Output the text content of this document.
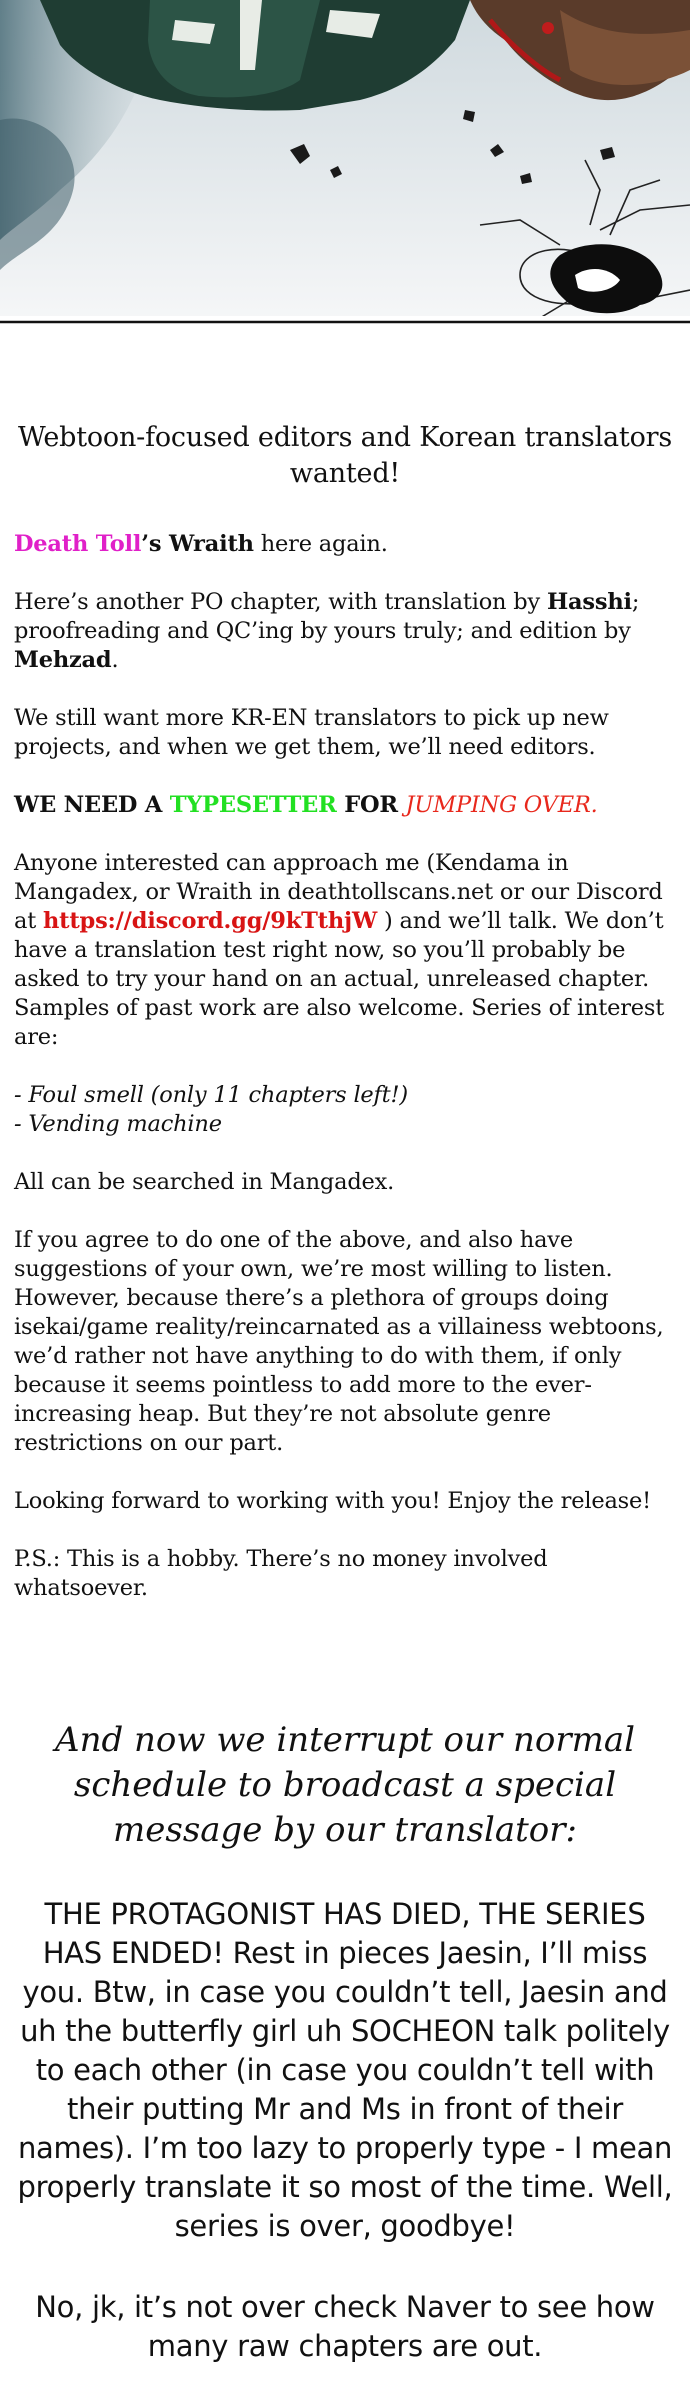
Webtoon-focused editors and Korean translators wanted!

Death Toll’s Wraith here again.

Here’s another PO chapter, with translation by Hasshi; proofreading and QC’ing by yours truly; and edition by Mehzad.

We still want more KR-EN translators to pick up new projects, and when we get them, we’ll need editors.

WE NEED A TYPESETTER FOR JUMPING OVER.

Anyone interested can approach me (Kendama in Mangadex, or Wraith in deathtollscans.net or our Discord at https://discord.gg/9kTthjW ) and we’ll talk. We don’t have a translation test right now, so you’ll probably be asked to try your hand on an actual, unreleased chapter. Samples of past work are also welcome. Series of interest are:

- Foul smell (only 11 chapters left!)
- Vending machine

All can be searched in Mangadex.

If you agree to do one of the above, and also have suggestions of your own, we’re most willing to listen. However, because there’s a plethora of groups doing isekai/game reality/reincarnated as a villainess webtoons, we’d rather not have anything to do with them, if only because it seems pointless to add more to the ever-increasing heap. But they’re not absolute genre restrictions on our part.

Looking forward to working with you! Enjoy the release!

P.S.: This is a hobby. There’s no money involved whatsoever.

And now we interrupt our normal schedule to broadcast a special message by our translator:
THE PROTAGONIST HAS DIED, THE SERIES HAS ENDED! Rest in pieces Jaesin, I’ll miss you. Btw, in case you couldn’t tell, Jaesin and uh the butterfly girl uh SOCHEON talk politely to each other (in case you couldn’t tell with their putting Mr and Ms in front of their names). I’m too lazy to properly type - I mean properly translate it so most of the time. Well, series is over, goodbye!
No, jk, it’s not over check Naver to see how many raw chapters are out.
